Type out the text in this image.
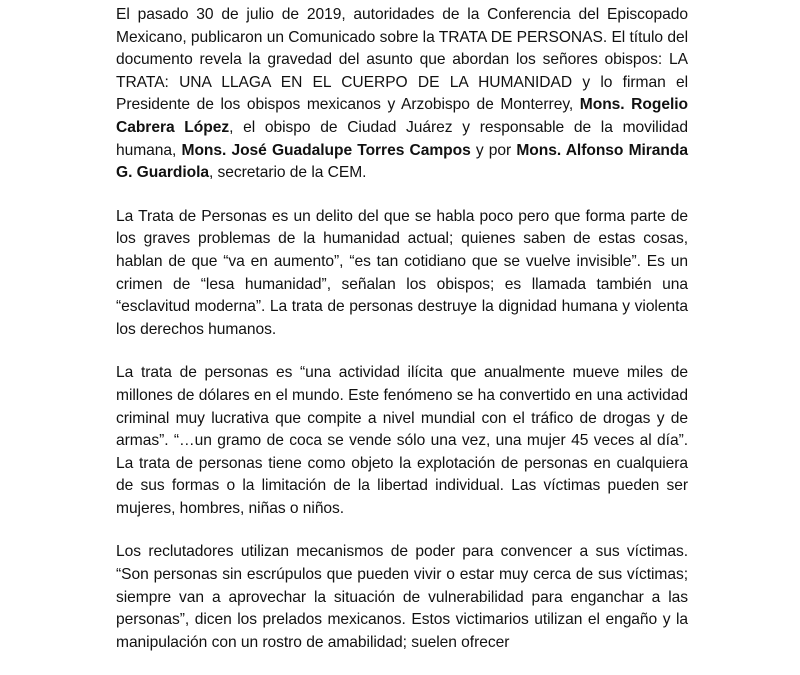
El pasado 30 de julio de 2019, autoridades de la Conferencia del Episcopado Mexicano, publicaron un Comunicado sobre la TRATA DE PERSONAS. El título del documento revela la gravedad del asunto que abordan los señores obispos: LA TRATA: UNA LLAGA EN EL CUERPO DE LA HUMANIDAD y lo firman el Presidente de los obispos mexicanos y Arzobispo de Monterrey, Mons. Rogelio Cabrera López, el obispo de Ciudad Juárez y responsable de la movilidad humana, Mons. José Guadalupe Torres Campos y por Mons. Alfonso Miranda G. Guardiola, secretario de la CEM.

La Trata de Personas es un delito del que se habla poco pero que forma parte de los graves problemas de la humanidad actual; quienes saben de estas cosas, hablan de que “va en aumento”, “es tan cotidiano que se vuelve invisible”. Es un crimen de “lesa humanidad”, señalan los obispos; es llamada también una “esclavitud moderna”. La trata de personas destruye la dignidad humana y violenta los derechos humanos.

La trata de personas es “una actividad ilícita que anualmente mueve miles de millones de dólares en el mundo. Este fenómeno se ha convertido en una actividad criminal muy lucrativa que compite a nivel mundial con el tráfico de drogas y de armas”. “…un gramo de coca se vende sólo una vez, una mujer 45 veces al día”. La trata de personas tiene como objeto la explotación de personas en cualquiera de sus formas o la limitación de la libertad individual. Las víctimas pueden ser mujeres, hombres, niñas o niños.

Los reclutadores utilizan mecanismos de poder para convencer a sus víctimas. “Son personas sin escrúpulos que pueden vivir o estar muy cerca de sus víctimas; siempre van a aprovechar la situación de vulnerabilidad para enganchar a las personas”, dicen los prelados mexicanos. Estos victimarios utilizan el engaño y la manipulación con un rostro de amabilidad; suelen ofrecer
